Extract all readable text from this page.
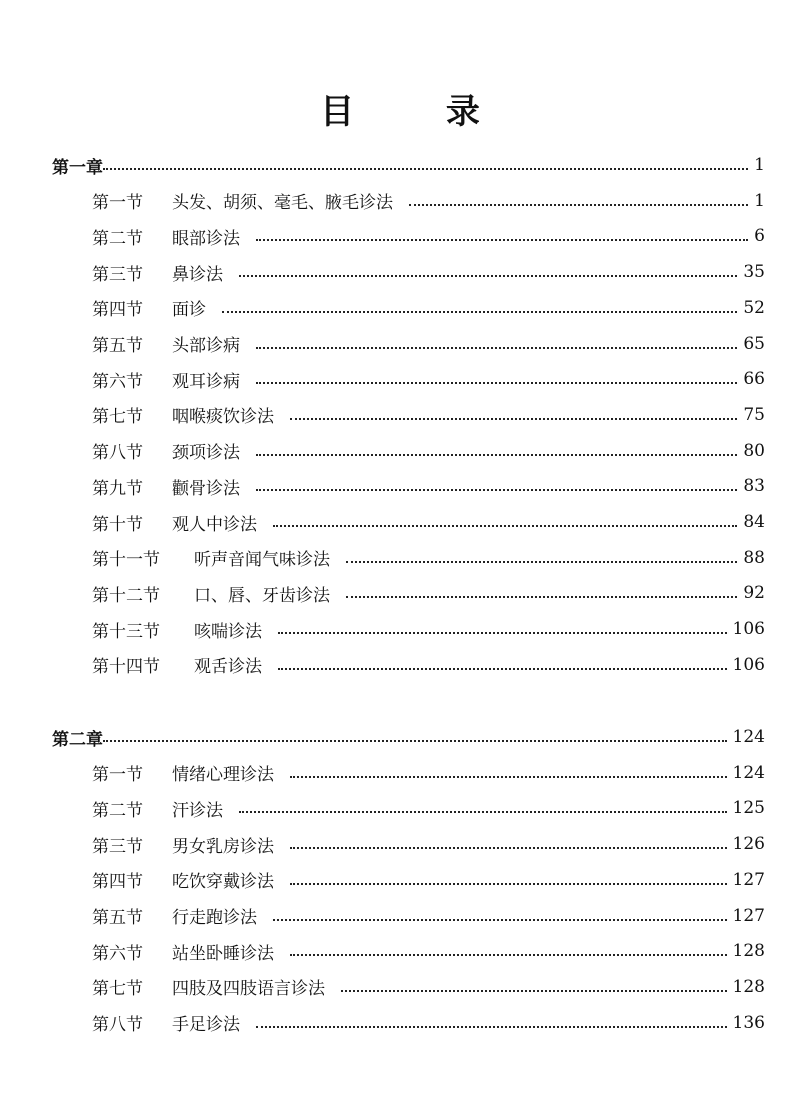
目 录
第一章	1
第一节	头发、胡须、毫毛、腋毛诊法	1
第二节	眼部诊法	6
第三节	鼻诊法	35
第四节	面诊	52
第五节	头部诊病	65
第六节	观耳诊病	66
第七节	咽喉痰饮诊法	75
第八节	颈项诊法	80
第九节	颧骨诊法	83
第十节	观人中诊法	84
第十一节	听声音闻气味诊法	88
第十二节	口、唇、牙齿诊法	92
第十三节	咳喘诊法	106
第十四节	观舌诊法	106
第二章	124
第一节	情绪心理诊法	124
第二节	汗诊法	125
第三节	男女乳房诊法	126
第四节	吃饮穿戴诊法	127
第五节	行走跑诊法	127
第六节	站坐卧睡诊法	128
第七节	四肢及四肢语言诊法	128
第八节	手足诊法	136
